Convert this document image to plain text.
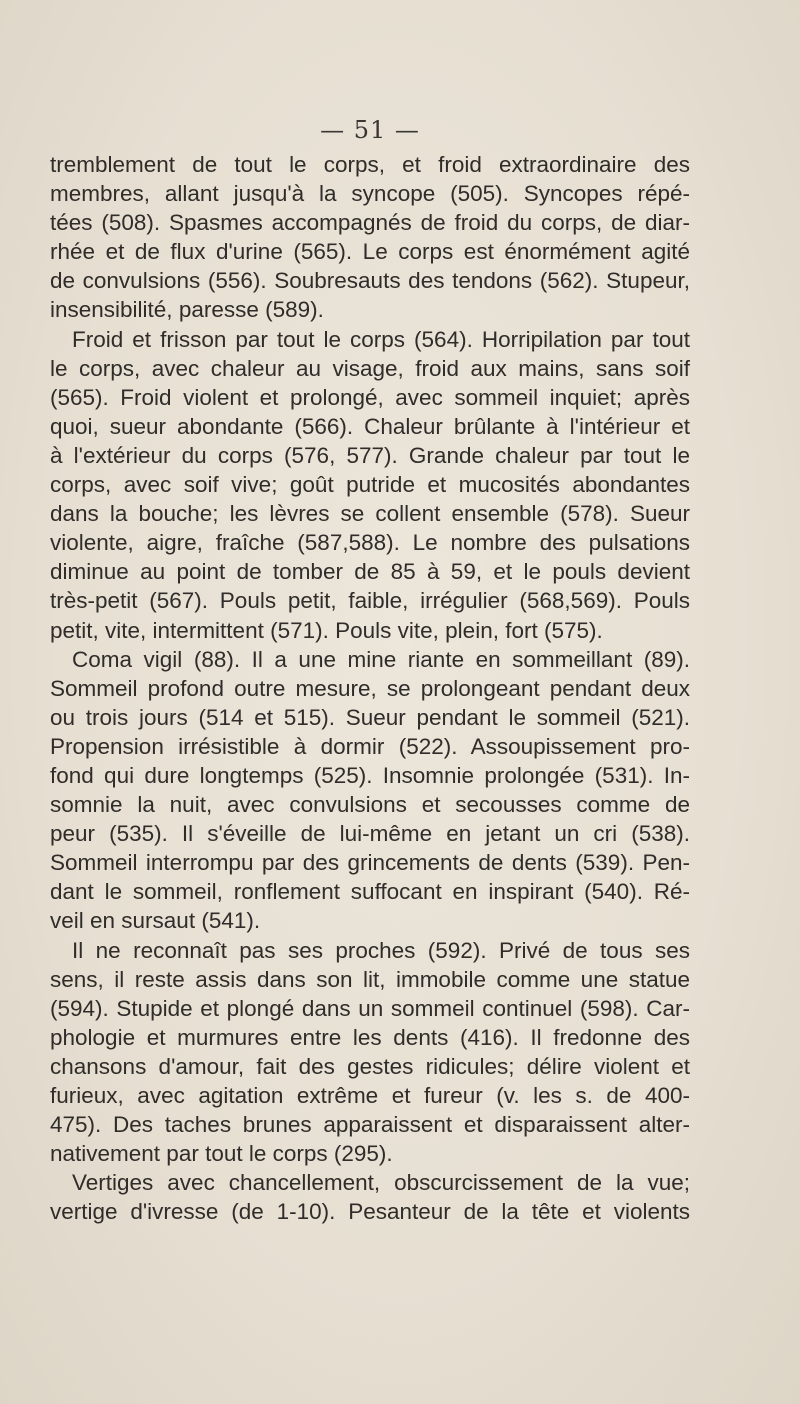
— 51 —
tremblement de tout le corps, et froid extraordinaire des
membres, allant jusqu'à la syncope (505). Syncopes répé-
tées (508). Spasmes accompagnés de froid du corps, de diar-
rhée et de flux d'urine (565). Le corps est énormément agité
de convulsions (556). Soubresauts des tendons (562). Stupeur,
insensibilité, paresse (589).
Froid et frisson par tout le corps (564). Horripilation par tout
le corps, avec chaleur au visage, froid aux mains, sans soif
(565). Froid violent et prolongé, avec sommeil inquiet; après
quoi, sueur abondante (566). Chaleur brûlante à l'intérieur et
à l'extérieur du corps (576, 577). Grande chaleur par tout le
corps, avec soif vive; goût putride et mucosités abondantes
dans la bouche; les lèvres se collent ensemble (578). Sueur
violente, aigre, fraîche (587,588). Le nombre des pulsations
diminue au point de tomber de 85 à 59, et le pouls devient
très-petit (567). Pouls petit, faible, irrégulier (568,569). Pouls
petit, vite, intermittent (571). Pouls vite, plein, fort (575).
Coma vigil (88). Il a une mine riante en sommeillant (89).
Sommeil profond outre mesure, se prolongeant pendant deux
ou trois jours (514 et 515). Sueur pendant le sommeil (521).
Propension irrésistible à dormir (522). Assoupissement pro-
fond qui dure longtemps (525). Insomnie prolongée (531). In-
somnie la nuit, avec convulsions et secousses comme de
peur (535). Il s'éveille de lui-même en jetant un cri (538).
Sommeil interrompu par des grincements de dents (539). Pen-
dant le sommeil, ronflement suffocant en inspirant (540). Ré-
veil en sursaut (541).
Il ne reconnaît pas ses proches (592). Privé de tous ses
sens, il reste assis dans son lit, immobile comme une statue
(594). Stupide et plongé dans un sommeil continuel (598). Car-
phologie et murmures entre les dents (416). Il fredonne des
chansons d'amour, fait des gestes ridicules; délire violent et
furieux, avec agitation extrême et fureur (v. les s. de 400-
475). Des taches brunes apparaissent et disparaissent alter-
nativement par tout le corps (295).
Vertiges avec chancellement, obscurcissement de la vue;
vertige d'ivresse (de 1-10). Pesanteur de la tête et violents
